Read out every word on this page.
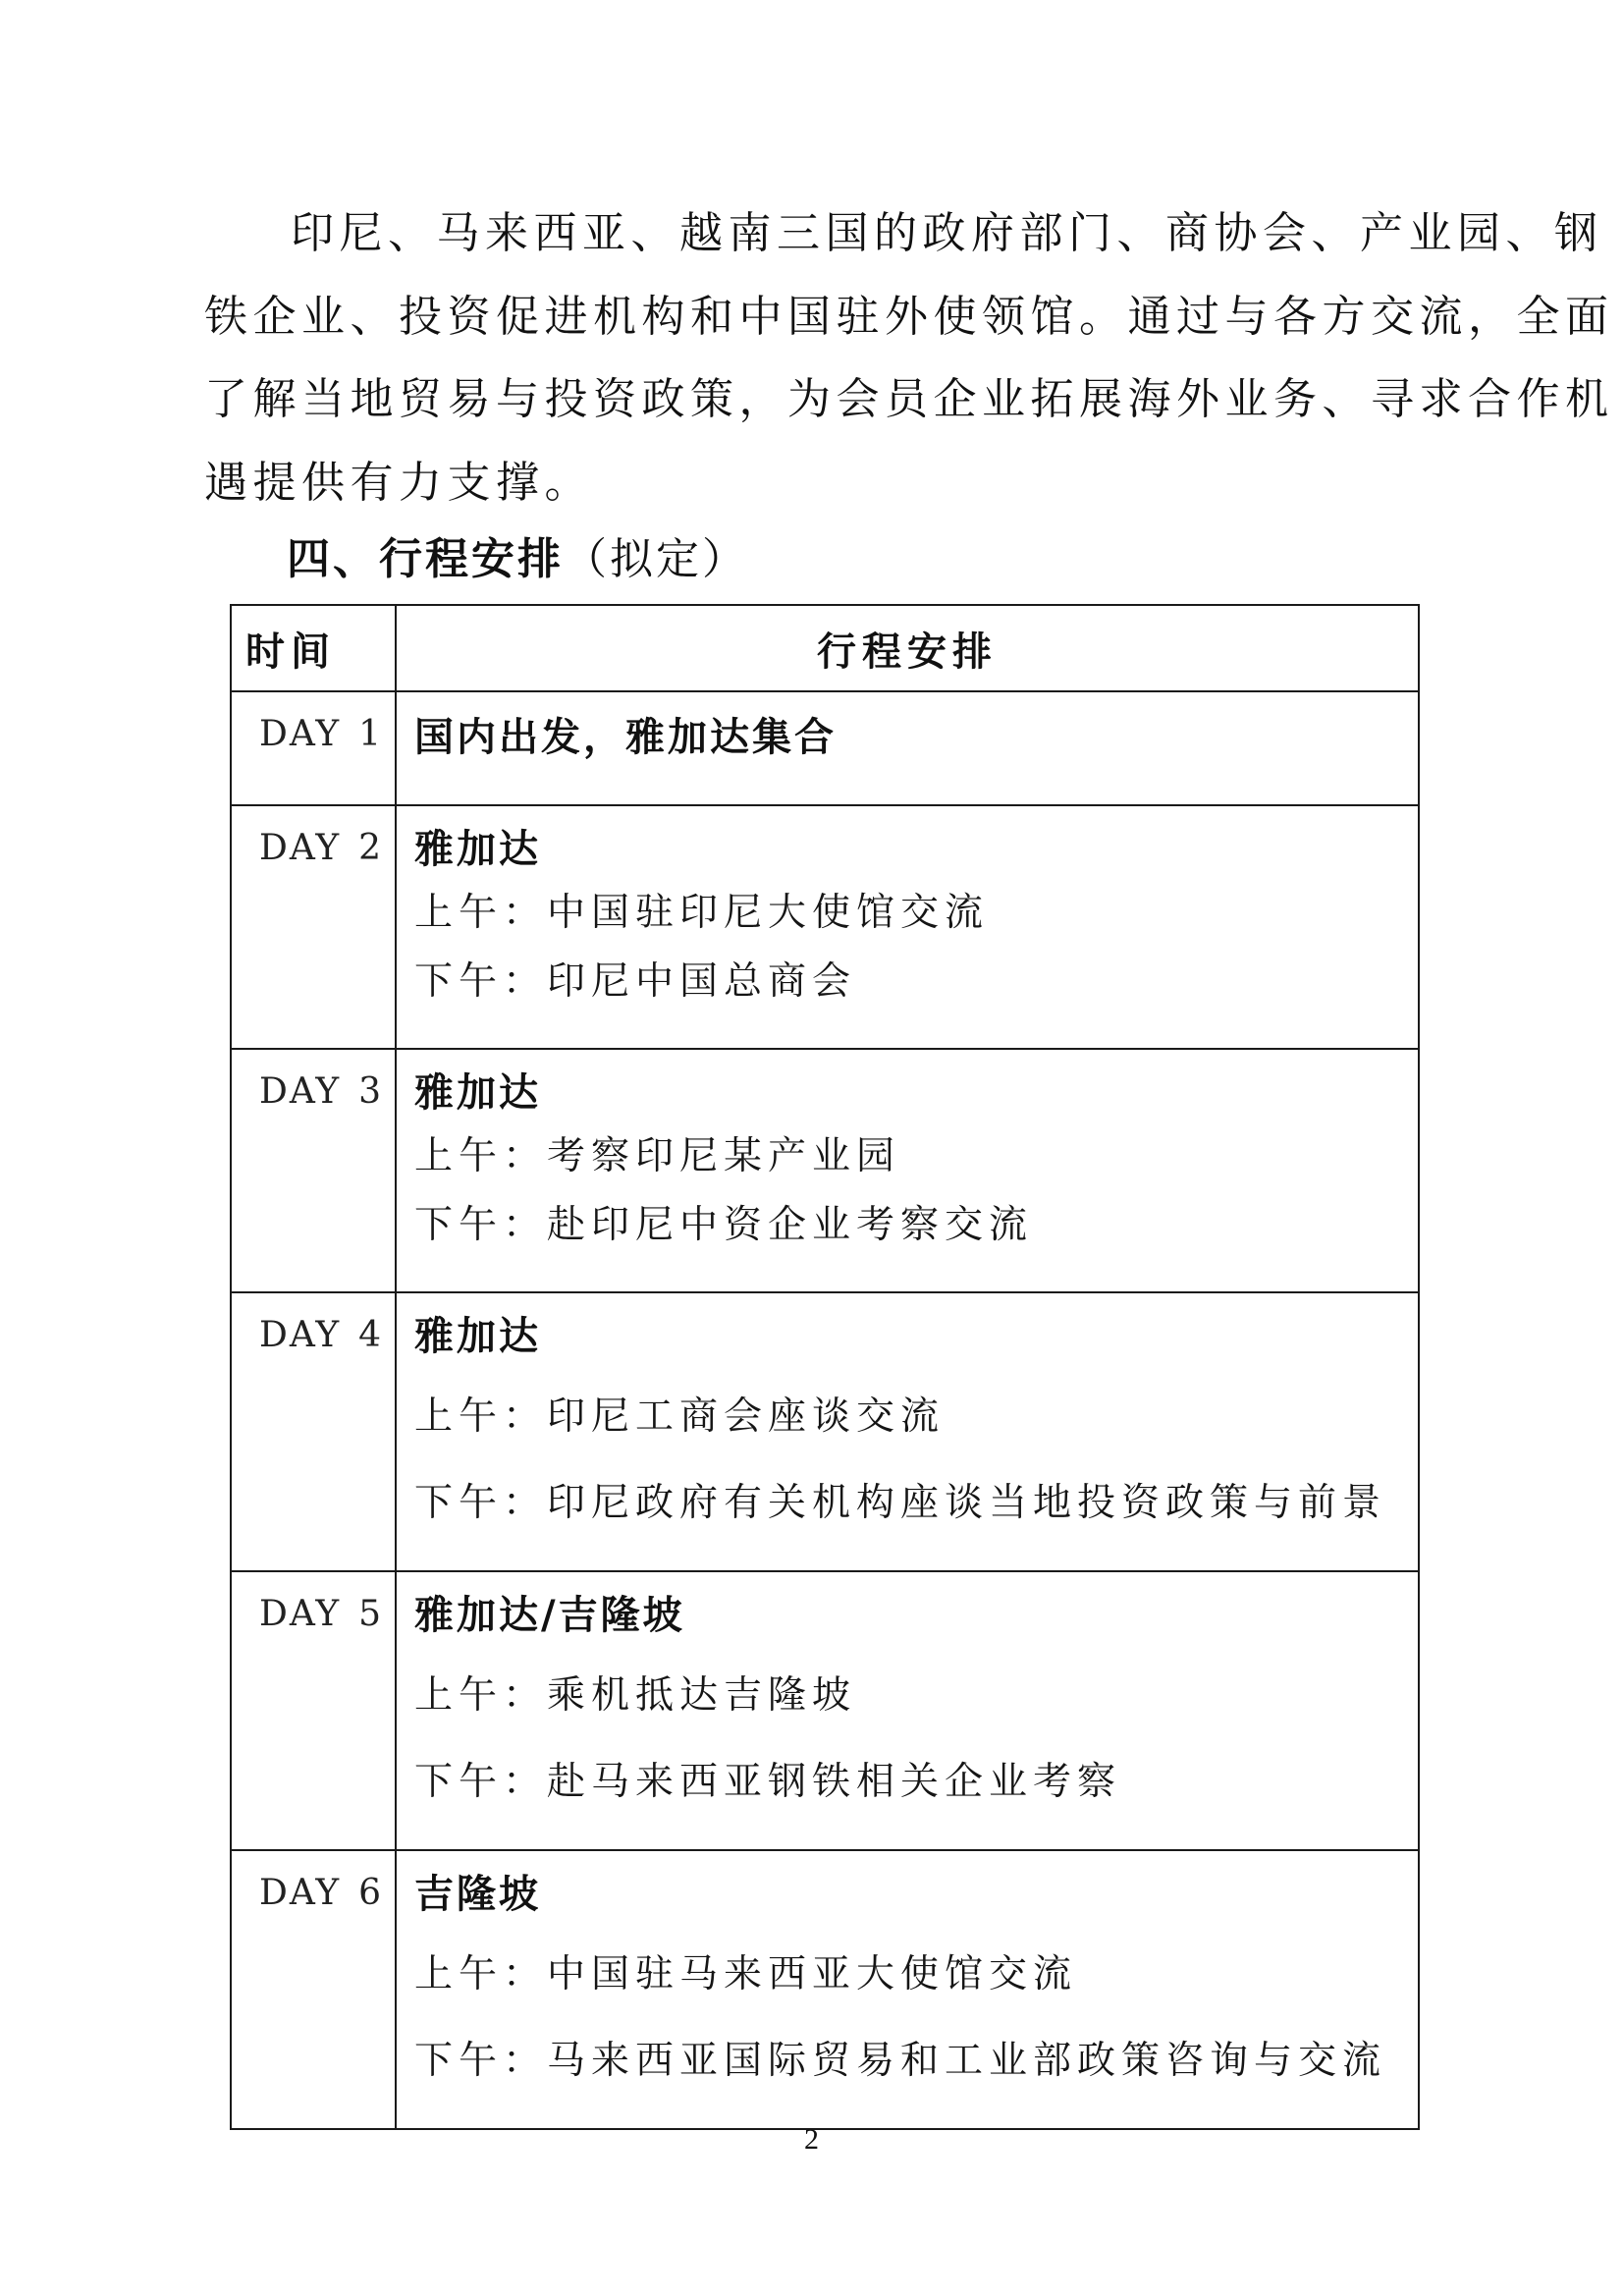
印尼、马来西亚、越南三国的政府部门、商协会、产业园、钢
铁企业、投资促进机构和中国驻外使领馆。通过与各方交流，全面
了解当地贸易与投资政策，为会员企业拓展海外业务、寻求合作机
遇提供有力支撑。
四、行程安排（拟定）
时间	行程安排
DAY 1	国内出发，雅加达集合

DAY 2	雅加达
上午：中国驻印尼大使馆交流
下午：印尼中国总商会

DAY 3	雅加达
上午：考察印尼某产业园
下午：赴印尼中资企业考察交流

DAY 4	雅加达
上午：印尼工商会座谈交流
下午：印尼政府有关机构座谈当地投资政策与前景

DAY 5	雅加达/吉隆坡
上午：乘机抵达吉隆坡
下午：赴马来西亚钢铁相关企业考察

DAY 6	吉隆坡
上午：中国驻马来西亚大使馆交流
下午：马来西亚国际贸易和工业部政策咨询与交流
2
